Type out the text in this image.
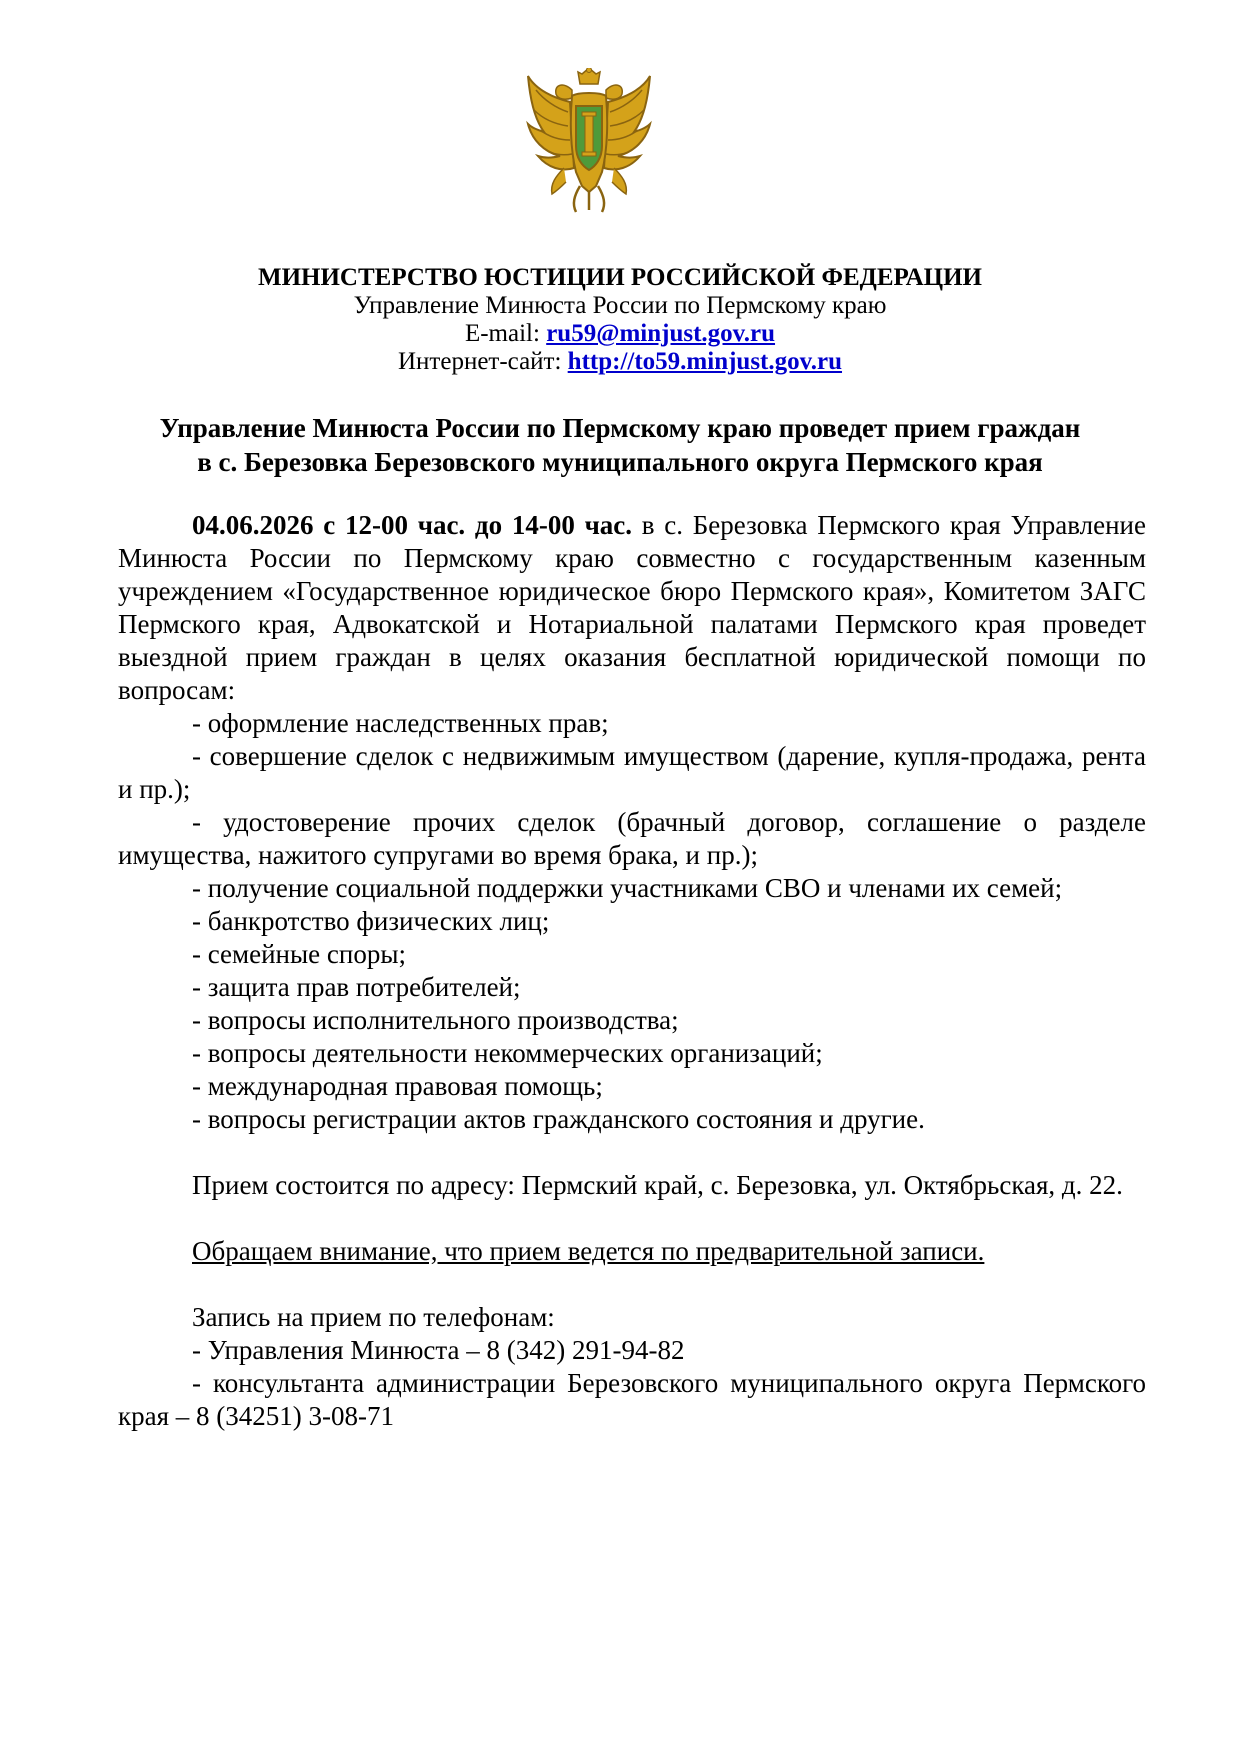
МИНИСТЕРСТВО ЮСТИЦИИ РОССИЙСКОЙ ФЕДЕРАЦИИ
Управление Минюста России по Пермскому краю
E-mail: ru59@minjust.gov.ru
Интернет-сайт: http://to59.minjust.gov.ru
Управление Минюста России по Пермскому краю проведет прием граждан
в с. Березовка Березовского муниципального округа Пермского края

04.06.2026 с 12-00 час. до 14-00 час. в с. Березовка Пермского края Управление Минюста России по Пермскому краю совместно с государственным казенным учреждением «Государственное юридическое бюро Пермского края», Комитетом ЗАГС Пермского края, Адвокатской и Нотариальной палатами Пермского края проведет выездной прием граждан в целях оказания бесплатной юридической помощи по вопросам:

- оформление наследственных прав;

- совершение сделок с недвижимым имуществом (дарение, купля-продажа, рента и пр.);

- удостоверение прочих сделок (брачный договор, соглашение о разделе имущества, нажитого супругами во время брака, и пр.);

- получение социальной поддержки участниками СВО и членами их семей;

- банкротство физических лиц;

- семейные споры;

- защита прав потребителей;

- вопросы исполнительного производства;

- вопросы деятельности некоммерческих организаций;

- международная правовая помощь;

- вопросы регистрации актов гражданского состояния и другие.

Прием состоится по адресу: Пермский край, с. Березовка, ул. Октябрьская, д. 22.

Обращаем внимание, что прием ведется по предварительной записи.

Запись на прием по телефонам:

- Управления Минюста – 8 (342) 291-94-82

- консультанта администрации Березовского муниципального округа Пермского края – 8 (34251) 3-08-71
